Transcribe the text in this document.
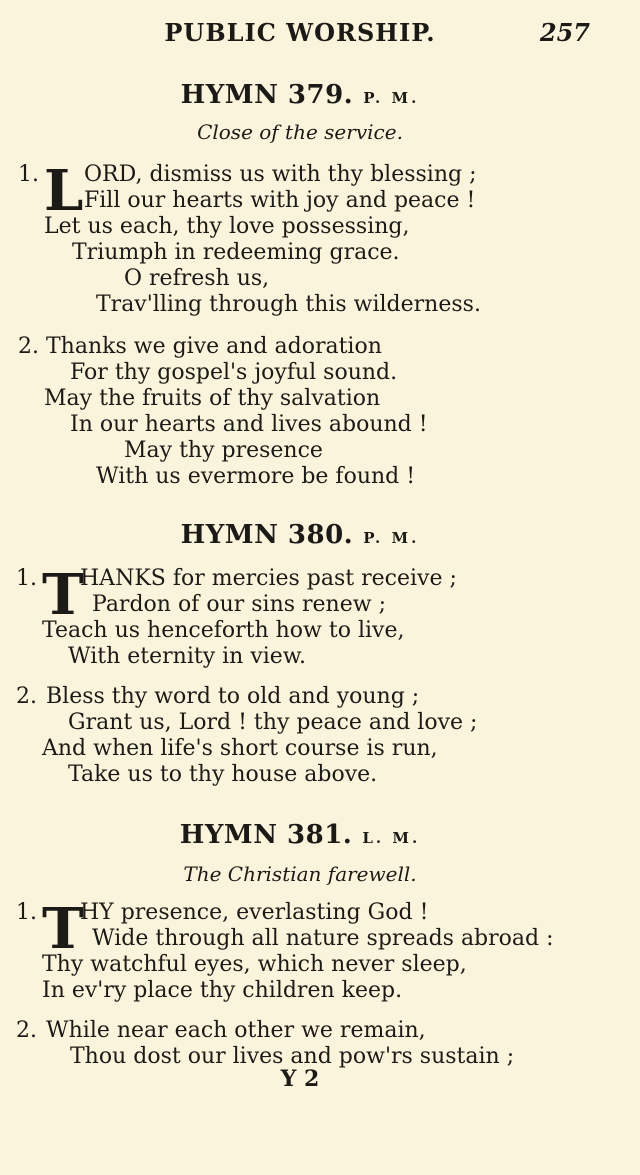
PUBLIC WORSHIP.	257
HYMN 379. P. M.
Close of the service.
1. L ORD, dismiss us with thy blessing ;
Fill our hearts with joy and peace !
Let us each, thy love possessing,
Triumph in redeeming grace.
O refresh us,
Trav'lling through this wilderness.
2. Thanks we give and adoration
For thy gospel's joyful sound.
May the fruits of thy salvation
In our hearts and lives abound !
May thy presence
With us evermore be found !
HYMN 380. P. M.
1. T
HANKS for mercies past receive ;
Pardon of our sins renew ;
Teach us henceforth how to live,
With eternity in view.
2. Bless thy word to old and young ;
Grant us, Lord ! thy peace and love ;
And when life's short course is run,
Take us to thy house above.
HYMN 381. L. M.
The Christian farewell.
1. T
HY presence, everlasting God !
Wide through all nature spreads abroad :
Thy watchful eyes, which never sleep,
In ev'ry place thy children keep.
2. While near each other we remain,
Thou dost our lives and pow'rs sustain ;
Y 2
